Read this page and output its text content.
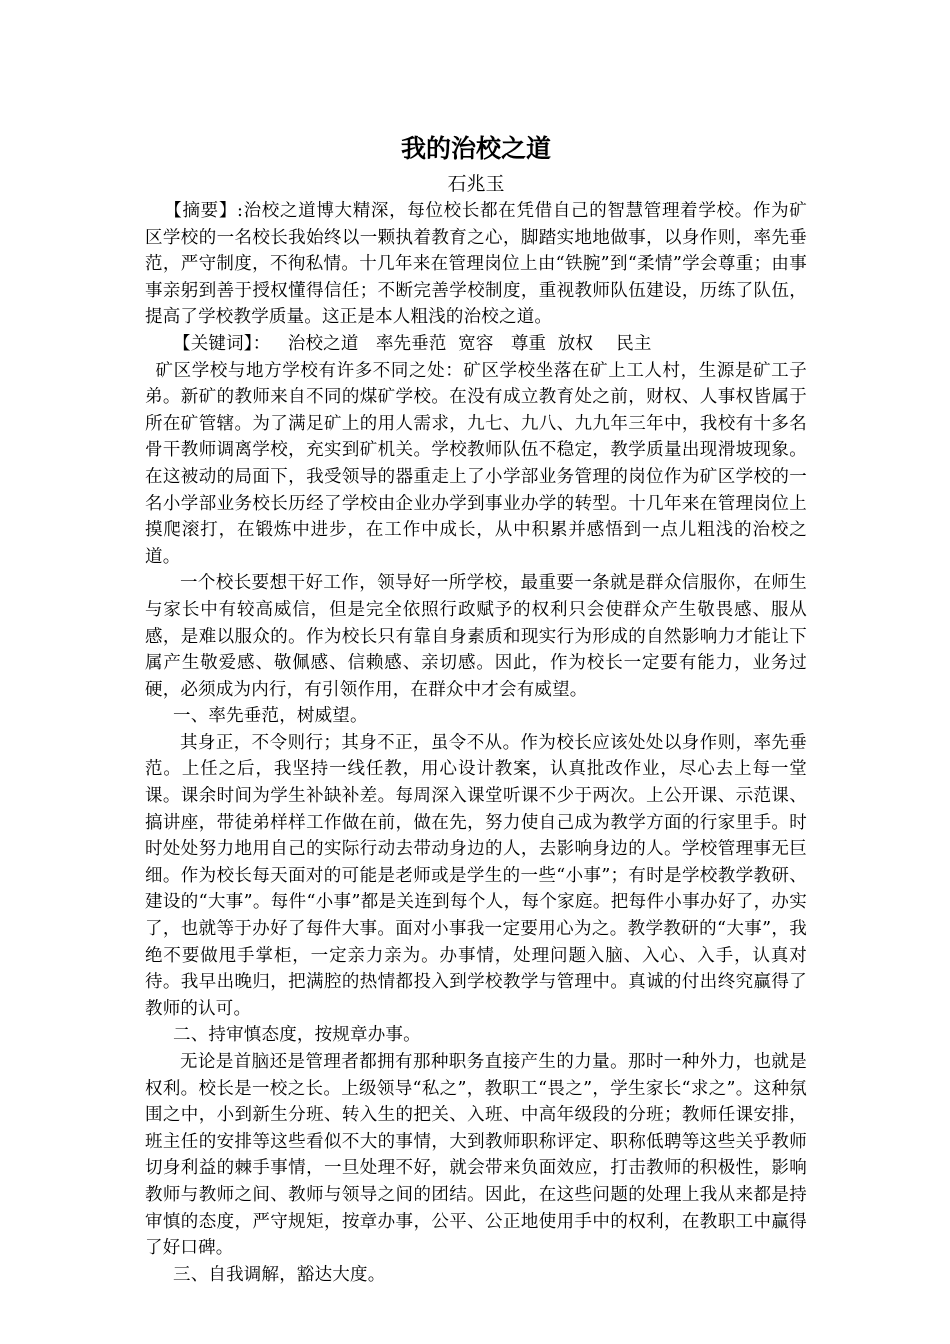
我的治校之道
石兆玉

【摘要】:治校之道博大精深，每位校长都在凭借自己的智慧管理着学校。作为矿区学校的一名校长我始终以一颗执着教育之心，脚踏实地地做事，以身作则，率先垂范，严守制度，不徇私情。十几年来在管理岗位上由“铁腕”到“柔情”学会尊重；由事事亲躬到善于授权懂得信任；不断完善学校制度，重视教师队伍建设，历练了队伍，提高了学校教学质量。这正是本人粗浅的治校之道。

【关键词】：   治校之道   率先垂范  宽容   尊重  放权    民主

矿区学校与地方学校有许多不同之处：矿区学校坐落在矿上工人村，生源是矿工子弟。新矿的教师来自不同的煤矿学校。在没有成立教育处之前，财权、人事权皆属于所在矿管辖。为了满足矿上的用人需求，九七、九八、九九年三年中，我校有十多名骨干教师调离学校，充实到矿机关。学校教师队伍不稳定，教学质量出现滑坡现象。在这被动的局面下，我受领导的器重走上了小学部业务管理的岗位作为矿区学校的一名小学部业务校长历经了学校由企业办学到事业办学的转型。十几年来在管理岗位上摸爬滚打，在锻炼中进步，在工作中成长，从中积累并感悟到一点儿粗浅的治校之道。

一个校长要想干好工作，领导好一所学校，最重要一条就是群众信服你，在师生与家长中有较高威信，但是完全依照行政赋予的权利只会使群众产生敬畏感、服从感，是难以服众的。作为校长只有靠自身素质和现实行为形成的自然影响力才能让下属产生敬爱感、敬佩感、信赖感、亲切感。因此，作为校长一定要有能力，业务过硬，必须成为内行，有引领作用，在群众中才会有威望。

一、率先垂范，树威望。

其身正，不令则行；其身不正，虽令不从。作为校长应该处处以身作则，率先垂范。上任之后，我坚持一线任教，用心设计教案，认真批改作业，尽心去上每一堂课。课余时间为学生补缺补差。每周深入课堂听课不少于两次。上公开课、示范课、搞讲座，带徒弟样样工作做在前，做在先，努力使自己成为教学方面的行家里手。时时处处努力地用自己的实际行动去带动身边的人，去影响身边的人。学校管理事无巨细。作为校长每天面对的可能是老师或是学生的一些“小事”；有时是学校教学教研、建设的“大事”。每件“小事”都是关连到每个人，每个家庭。把每件小事办好了，办实了，也就等于办好了每件大事。面对小事我一定要用心为之。教学教研的“大事”，我绝不要做甩手掌柜，一定亲力亲为。办事情，处理问题入脑、入心、入手，认真对待。我早出晚归，把满腔的热情都投入到学校教学与管理中。真诚的付出终究赢得了教师的认可。

二、持审慎态度，按规章办事。

无论是首脑还是管理者都拥有那种职务直接产生的力量。那时一种外力，也就是权利。校长是一校之长。上级领导“私之”，教职工“畏之”，学生家长“求之”。这种氛围之中，小到新生分班、转入生的把关、入班、中高年级段的分班；教师任课安排，班主任的安排等这些看似不大的事情，大到教师职称评定、职称低聘等这些关乎教师切身利益的棘手事情，一旦处理不好，就会带来负面效应，打击教师的积极性，影响教师与教师之间、教师与领导之间的团结。因此，在这些问题的处理上我从来都是持审慎的态度，严守规矩，按章办事，公平、公正地使用手中的权利，在教职工中赢得了好口碑。

三、自我调解，豁达大度。
